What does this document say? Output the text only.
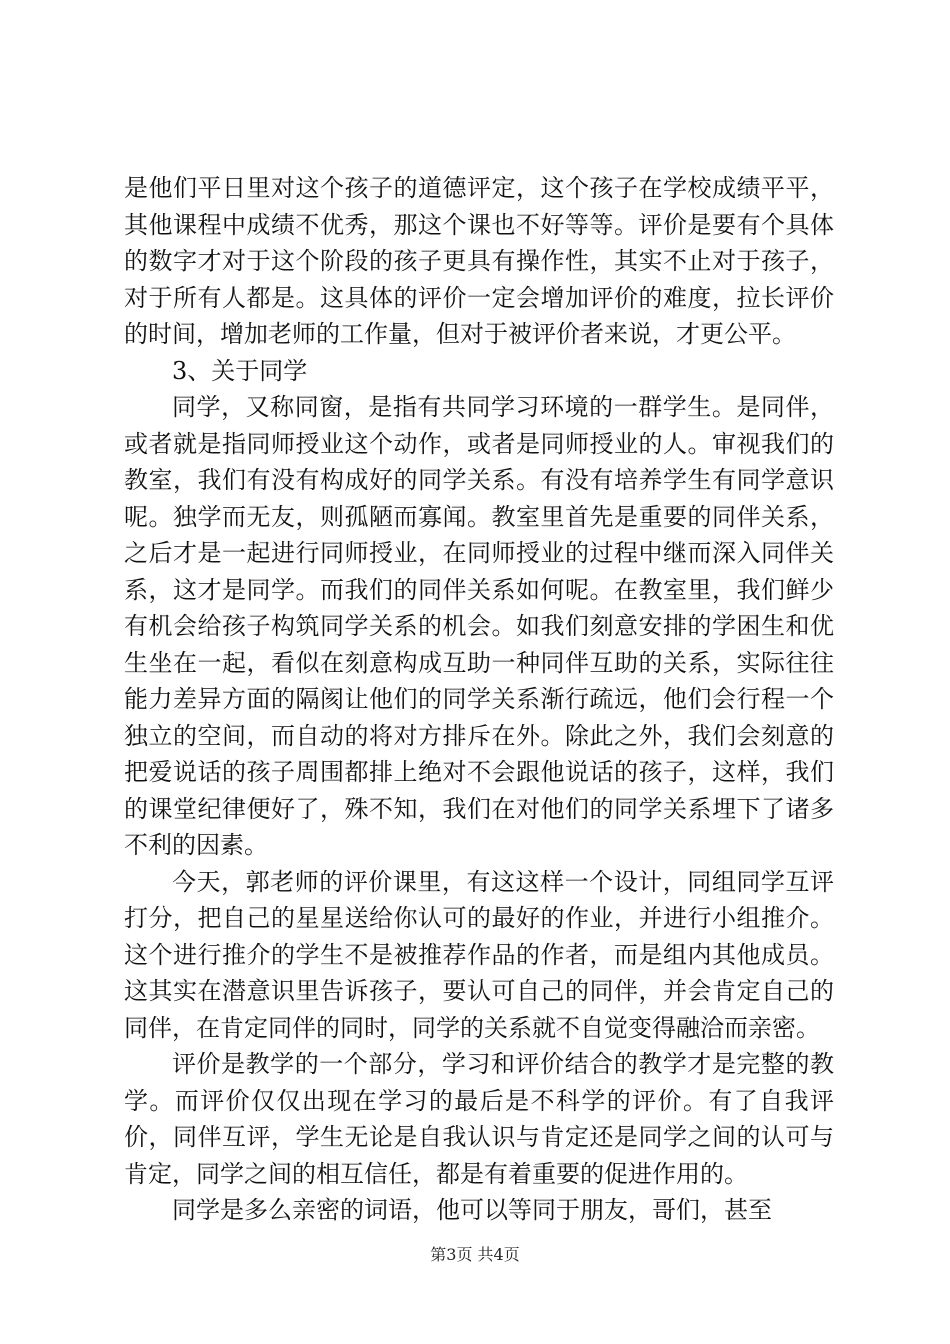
是他们平日里对这个孩子的道德评定，这个孩子在学校成绩平平，其他课程中成绩不优秀，那这个课也不好等等。评价是要有个具体的数字才对于这个阶段的孩子更具有操作性，其实不止对于孩子，对于所有人都是。这具体的评价一定会增加评价的难度，拉长评价的时间，增加老师的工作量，但对于被评价者来说，才更公平。

3、关于同学

同学，又称同窗，是指有共同学习环境的一群学生。是同伴，或者就是指同师授业这个动作，或者是同师授业的人。审视我们的教室，我们有没有构成好的同学关系。有没有培养学生有同学意识呢。独学而无友，则孤陋而寡闻。教室里首先是重要的同伴关系，之后才是一起进行同师授业，在同师授业的过程中继而深入同伴关系，这才是同学。而我们的同伴关系如何呢。在教室里，我们鲜少有机会给孩子构筑同学关系的机会。如我们刻意安排的学困生和优生坐在一起，看似在刻意构成互助一种同伴互助的关系，实际往往能力差异方面的隔阂让他们的同学关系渐行疏远，他们会行程一个独立的空间，而自动的将对方排斥在外。除此之外，我们会刻意的把爱说话的孩子周围都排上绝对不会跟他说话的孩子，这样，我们的课堂纪律便好了，殊不知，我们在对他们的同学关系埋下了诸多不利的因素。

今天，郭老师的评价课里，有这这样一个设计，同组同学互评打分，把自己的星星送给你认可的最好的作业，并进行小组推介。这个进行推介的学生不是被推荐作品的作者，而是组内其他成员。这其实在潜意识里告诉孩子，要认可自己的同伴，并会肯定自己的同伴，在肯定同伴的同时，同学的关系就不自觉变得融洽而亲密。

评价是教学的一个部分，学习和评价结合的教学才是完整的教学。而评价仅仅出现在学习的最后是不科学的评价。有了自我评价，同伴互评，学生无论是自我认识与肯定还是同学之间的认可与肯定，同学之间的相互信任，都是有着重要的促进作用的。

同学是多么亲密的词语，他可以等同于朋友，哥们，甚至

第3页 共4页
